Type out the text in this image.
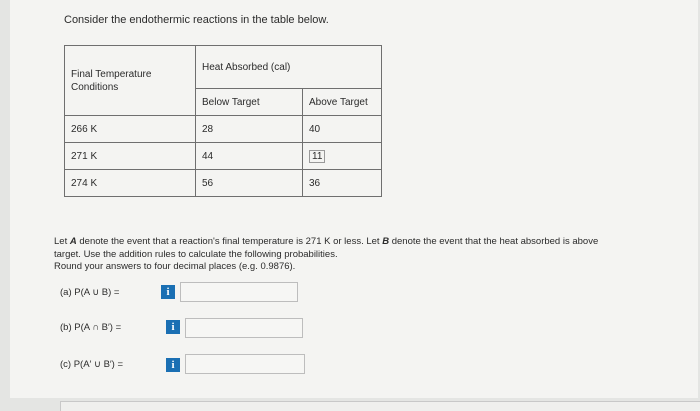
Consider the endothermic reactions in the table below.
Final Temperature Conditions	Heat Absorbed (cal)	
	Below Target	Above Target
266 K	28	40
271 K	44	11
274 K	56	36
Let A denote the event that a reaction's final temperature is 271 K or less. Let B denote the event that the heat absorbed is above
target. Use the addition rules to calculate the following probabilities.
Round your answers to four decimal places (e.g. 0.9876).
(a) P(A ∪ B) =	i
(b) P(A ∩ B′) =	i
(c) P(A′ ∪ B′) =	i
